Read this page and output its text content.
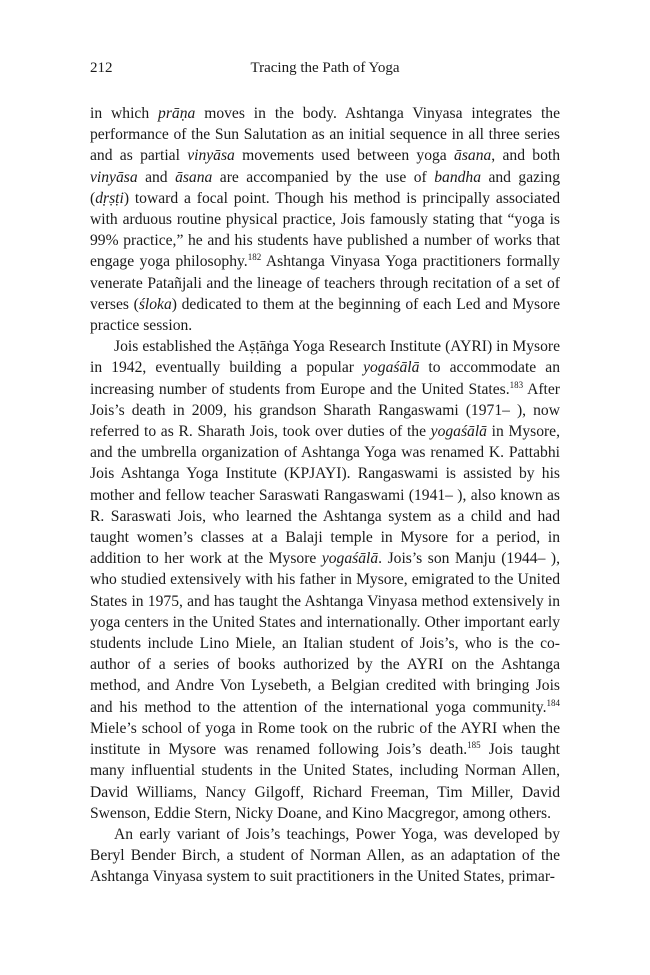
212	Tracing the Path of Yoga

in which prāṇa moves in the body. Ashtanga Vinyasa integrates the performance of the Sun Salutation as an initial sequence in all three series and as partial vinyāsa movements used between yoga āsana, and both vinyāsa and āsana are accompanied by the use of bandha and gazing (dṛṣṭi) toward a focal point. Though his method is principally associated with arduous routine physical practice, Jois famously stating that “yoga is 99% practice,” he and his students have published a number of works that engage yoga philosophy.$^{182}$ Ashtanga Vinyasa Yoga practitioners formally venerate Patañjali and the lineage of teachers through recitation of a set of verses (śloka) dedicated to them at the beginning of each Led and Mysore practice session.

Jois established the Aṣṭāṅga Yoga Research Institute (AYRI) in Mysore in 1942, eventually building a popular yogaśālā to accommodate an increasing number of students from Europe and the United States.$^{183}$ After Jois’s death in 2009, his grandson Sharath Rangaswami (1971– ), now referred to as R. Sharath Jois, took over duties of the yogaśālā in Mysore, and the umbrella organization of Ashtanga Yoga was renamed K. Pattabhi Jois Ashtanga Yoga Institute (KPJAYI). Rangaswami is assisted by his mother and fellow teacher Saraswati Rangaswami (1941– ), also known as R. Saraswati Jois, who learned the Ashtanga system as a child and had taught women’s classes at a Balaji temple in Mysore for a period, in addition to her work at the Mysore yogaśālā. Jois’s son Manju (1944– ), who studied extensively with his father in Mysore, emigrated to the United States in 1975, and has taught the Ashtanga Vinyasa method extensively in yoga centers in the United States and internationally. Other important early students include Lino Miele, an Italian student of Jois’s, who is the co-author of a series of books authorized by the AYRI on the Ashtanga method, and Andre Von Lysebeth, a Belgian credited with bringing Jois and his method to the attention of the international yoga community.$^{184}$ Miele’s school of yoga in Rome took on the rubric of the AYRI when the institute in Mysore was renamed following Jois’s death.$^{185}$ Jois taught many influential students in the United States, including Norman Allen, David Williams, Nancy Gilgoff, Richard Freeman, Tim Miller, David Swenson, Eddie Stern, Nicky Doane, and Kino Macgregor, among others.

An early variant of Jois’s teachings, Power Yoga, was developed by Beryl Bender Birch, a student of Norman Allen, as an adaptation of the Ashtanga Vinyasa system to suit practitioners in the United States, primar-
